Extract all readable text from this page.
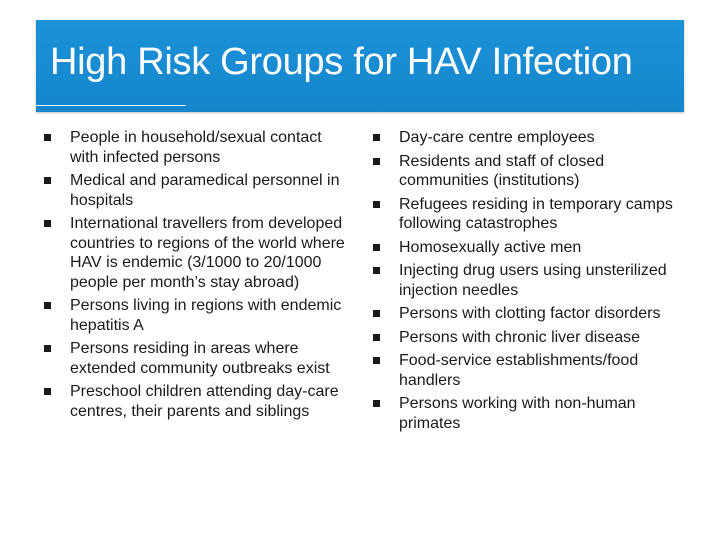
High Risk Groups for HAV Infection
People in household/sexual contact with infected persons
Medical and paramedical personnel in hospitals
International travellers from developed countries to regions of the world where HAV is endemic (3/1000 to 20/1000 people per month’s stay abroad)
Persons living in regions with endemic hepatitis A
Persons residing in areas where extended community outbreaks exist
Preschool children attending day-care centres, their parents and siblings
Day-care centre employees
Residents and staff of closed communities (institutions)
Refugees residing in temporary camps following catastrophes
Homosexually active men
Injecting drug users using unsterilized injection needles
Persons with clotting factor disorders
Persons with chronic liver disease
Food-service establishments/food handlers
Persons working with non-human primates
